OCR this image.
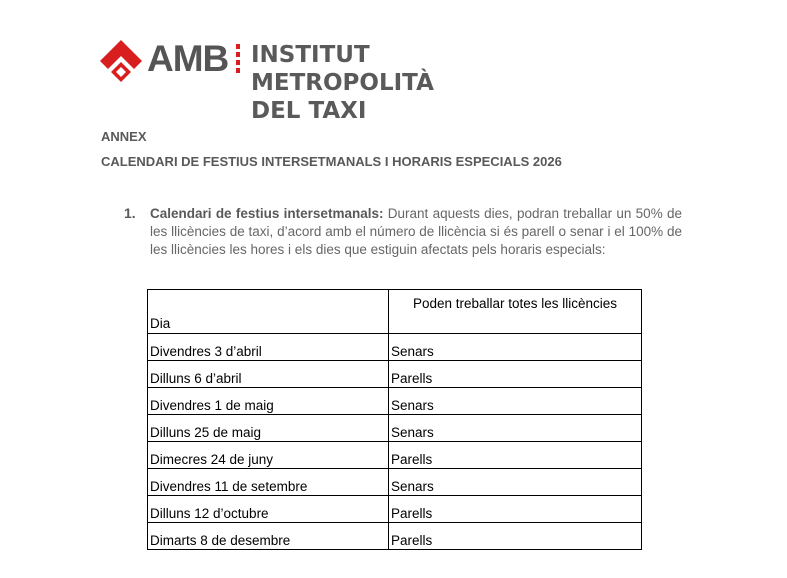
AMB INSTITUT
METROPOLITÀ
DEL TAXI
ANNEX
CALENDARI DE FESTIUS INTERSETMANALS I HORARIS ESPECIALS 2026
1. Calendari de festius intersetmanals: Durant aquests dies, podran treballar un 50% de les llicències de taxi, d’acord amb el número de llicència si és parell o senar i el 100% de les llicències les hores i els dies que estiguin afectats pels horaris especials:
Dia	Poden treballar totes les llicències
Divendres 3 d’abril	Senars
Dilluns 6 d’abril	Parells
Divendres 1 de maig	Senars
Dilluns 25 de maig	Senars
Dimecres 24 de juny	Parells
Divendres 11 de setembre	Senars
Dilluns 12 d’octubre	Parells
Dimarts 8 de desembre	Parells
